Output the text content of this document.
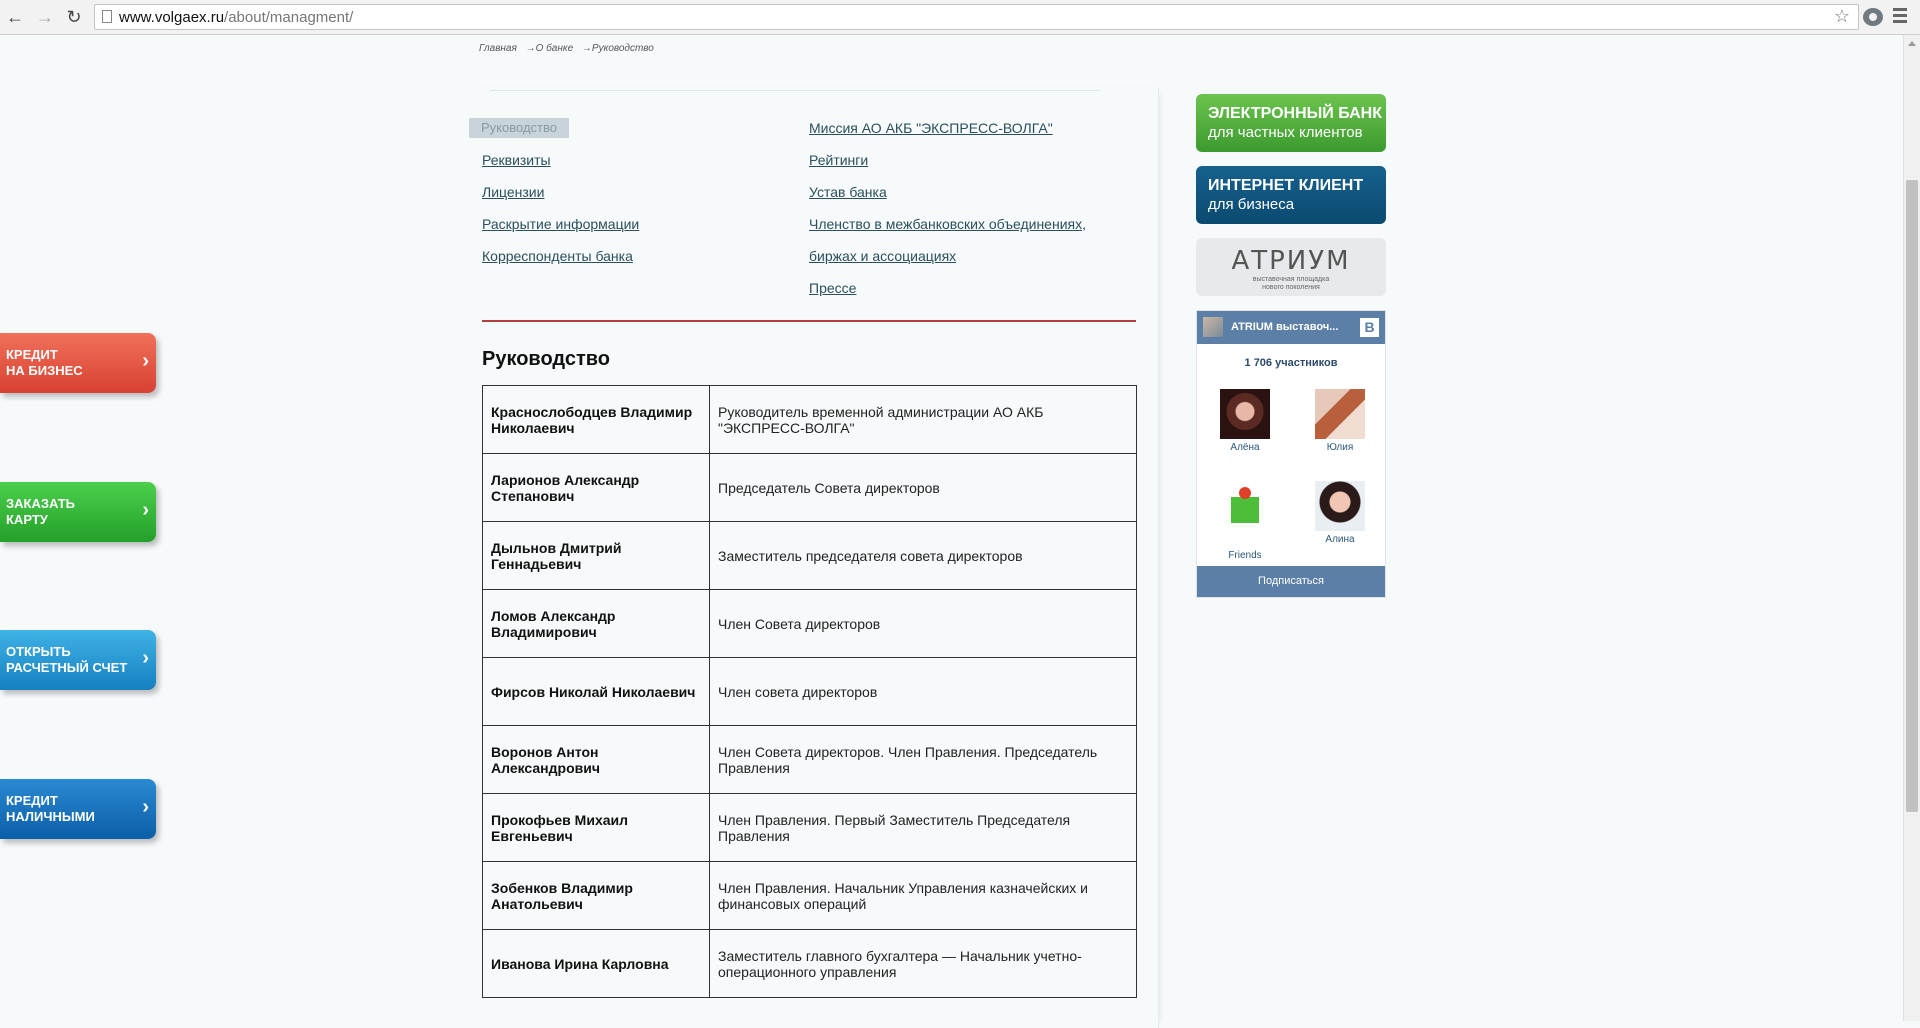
← → ↻ www.volgaex.ru/about/managment/	☆
Главная →О банке →Руководство
Руководство
Реквизиты
Лицензии
Раскрытие информации
Корреспонденты банка
Миссия АО АКБ "ЭКСПРЕСС-ВОЛГА"
Рейтинги
Устав банка
Членство в межбанковских объединениях,
биржах и ассоциациях
Прессе
Руководство
Краснослободцев Владимир Николаевич	Руководитель временной администрации АО АКБ "ЭКСПРЕСС-ВОЛГА"
Ларионов Александр Степанович	Председатель Совета директоров
Дыльнов Дмитрий Геннадьевич	Заместитель председателя совета директоров
Ломов Александр Владимирович	Член Совета директоров
Фирсов Николай Николаевич	Член совета директоров
Воронов Антон Александрович	Член Совета директоров. Член Правления. Председатель Правления
Прокофьев Михаил Евгеньевич	Член Правления. Первый Заместитель Председателя Правления
Зобенков Владимир Анатольевич	Член Правления. Начальник Управления казначейских и финансовых операций
Иванова Ирина Карловна	Заместитель главного бухгалтера — Начальник учетно-операционного управления
КРЕДИТ
НА БИЗНЕС	›
ЗАКАЗАТЬ
КАРТУ	›
ОТКРЫТЬ
РАСЧЕТНЫЙ СЧЕТ ›
КРЕДИТ
НАЛИЧНЫМИ ›
ЭЛЕКТРОННЫЙ БАНК
для частных клиентов
ИНТЕРНЕТ КЛИЕНТ
для бизнеса
АТРИУМ
выставочная площадка
нового поколения
ATRIUM выставоч...	В
1 706 участников
Алёна	Юлия
Friends
Алина
Подписаться
